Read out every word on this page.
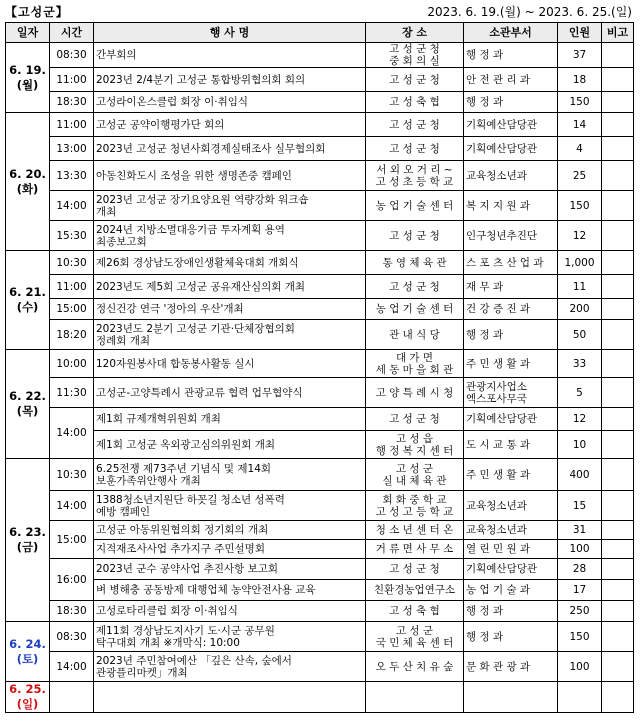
【고성군】	2023. 6. 19.(월) ~ 2023. 6. 25.(일)
일자	시간	행 사 명	장 소	소관부서	인원	비고

6. 19.
(월)	08:30	간부회의	고 성 군 청
중 회 의 실	행 정 과	37	
	11:00	2023년 2/4분기 고성군 통합방위협의회 회의	고 성 군 청	안 전 관 리 과	18	
	18:30	고성라이온스클럽 회장 이·취임식	고 성 축 협	행 정 과	150	

6. 20.
(화)	11:00	고성군 공약이행평가단 회의	고 성 군 청	기획예산담당관	14	
	13:00	2023년 고성군 청년사회경제실태조사 실무협의회	고 성 군 청	기획예산담당관	4	
	13:30	아동친화도시 조성을 위한 생명존중 캠페인	서 외 오 거 리 ~
고 성 초 등 학 교	교육청소년과	25	
	14:00	2023년 고성군 장기요양요원 역량강화 워크숍
개최	농 업 기 술 센 터	복 지 지 원 과	150	
	15:30	2024년 지방소멸대응기금 투자계획 용역
최종보고회	고 성 군 청	인구청년추진단	12	

6. 21.
(수)	10:30	제26회 경상남도장애인생활체육대회 개회식	통 영 체 육 관	스 포 츠 산 업 과	1,000	
	11:00	2023년도 제5회 고성군 공유재산심의회 개최	고 성 군 청	재 무 과	11	
	15:00	정신건강 연극 '정아의 우산'개최	농 업 기 술 센 터	건 강 증 진 과	200	
	18:20	2023년도 2분기 고성군 기관·단체장협의회
정례회 개최	관 내 식 당	행 정 과	50	

6. 22.
(목)	10:00	120자원봉사대 합동봉사활동 실시	대 가 면
세 동 마 을 회 관	주 민 생 활 과	33	
	11:30	고성군-고양특례시 관광교류 협력 업무협약식	고 양 특 례 시 청	관광지사업소
엑스포사무국	5	
	14:00	제1회 규제개혁위원회 개최	고 성 군 청	기획예산담당관	12	
		제1회 고성군 옥외광고심의위원회 개최	고 성 읍
행 정 복 지 센 터	도 시 교 통 과	10	

6. 23.
(금)	10:30	6.25전쟁 제73주년 기념식 및 제14회
보훈가족위안행사 개최	고 성 군
실 내 체 육 관	주 민 생 활 과	400	
	14:00	1388청소년지원단 하꼿길 청소년 성폭력
예방 캠페인	회 화 중 학 교
고 성 고 등 학 교	교육청소년과	15	
	15:00	고성군 아동위원협의회 정기회의 개최	청 소 년 센 터 온	교육청소년과	31	
		지적재조사사업 추가지구 주민설명회	거 류 면 사 무 소	열 린 민 원 과	100	
	16:00	2023년 군수 공약사업 추진사항 보고회	고 성 군 청	기획예산담당관	28	
		벼 병해충 공동방제 대행업체 농약안전사용 교육	친환경농업연구소	농 업 기 술 과	17	
	18:30	고성로타리클럽 회장 이·취임식	고 성 축 협	행 정 과	250	

6. 24.
(토)	08:30	제11회 경상남도지사기 도·시군 공무원
탁구대회 개최 ※개막식: 10:00	고 성 군
국 민 체 육 센 터	행 정 과	150	
	14:00	2023년 주민참여예산 「깊은 산속, 숲에서
관광플리마켓」개최	오 두 산 치 유 숲	문 화 관 광 과	100	

6. 25.
(일)						
